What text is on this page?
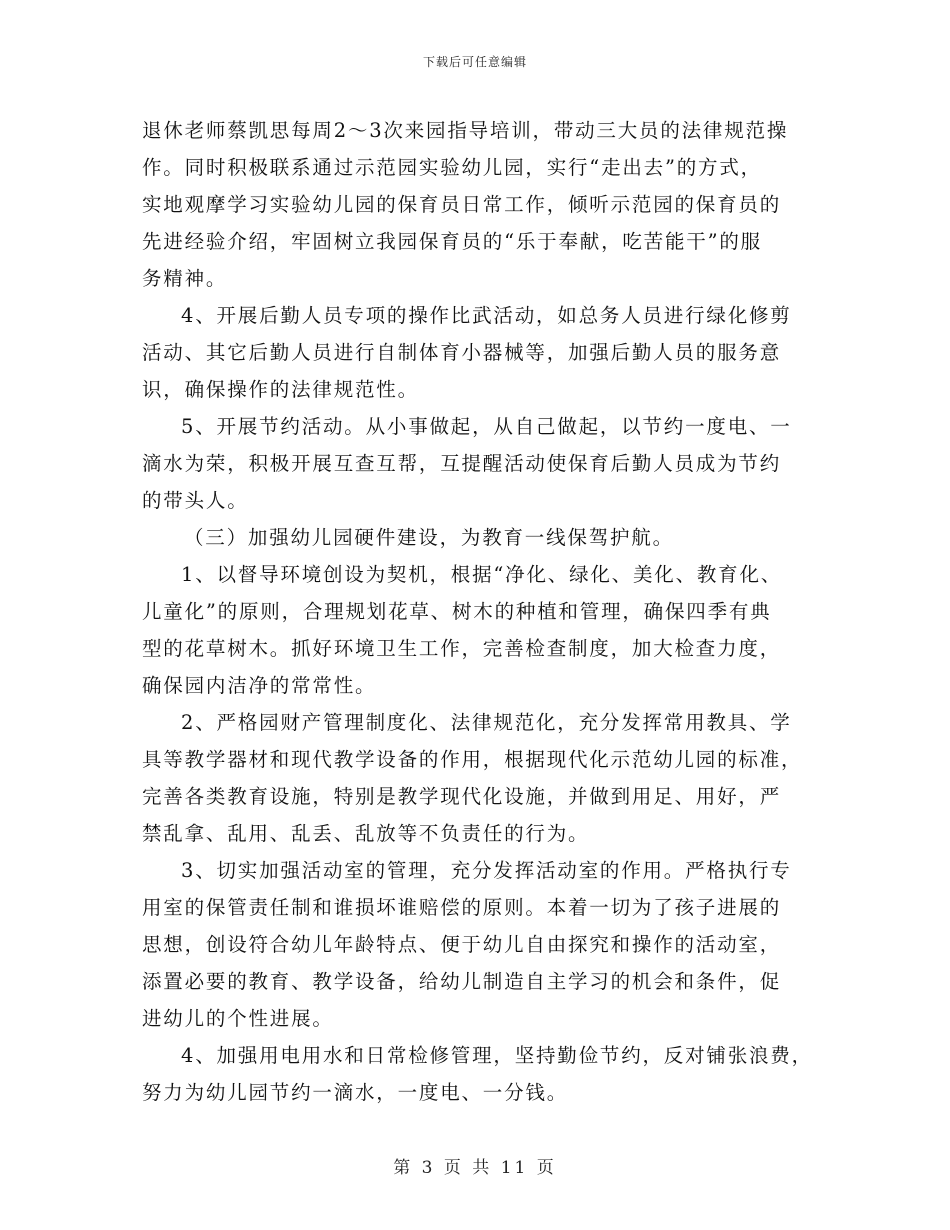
下载后可任意编辑
退休老师蔡凯思每周2～3次来园指导培训，带动三大员的法律规范操
作。同时积极联系通过示范园实验幼儿园，实行“走出去”的方式，
实地观摩学习实验幼儿园的保育员日常工作，倾听示范园的保育员的
先进经验介绍，牢固树立我园保育员的“乐于奉献，吃苦能干”的服
务精神。
4、开展后勤人员专项的操作比武活动，如总务人员进行绿化修剪
活动、其它后勤人员进行自制体育小器械等，加强后勤人员的服务意
识，确保操作的法律规范性。
5、开展节约活动。从小事做起，从自己做起，以节约一度电、一
滴水为荣，积极开展互查互帮，互提醒活动使保育后勤人员成为节约
的带头人。
（三）加强幼儿园硬件建设，为教育一线保驾护航。
1、以督导环境创设为契机，根据“净化、绿化、美化、教育化、
儿童化”的原则，合理规划花草、树木的种植和管理，确保四季有典
型的花草树木。抓好环境卫生工作，完善检查制度，加大检查力度，
确保园内洁净的常常性。
2、严格园财产管理制度化、法律规范化，充分发挥常用教具、学
具等教学器材和现代教学设备的作用，根据现代化示范幼儿园的标准，
完善各类教育设施，特别是教学现代化设施，并做到用足、用好，严
禁乱拿、乱用、乱丢、乱放等不负责任的行为。
3、切实加强活动室的管理，充分发挥活动室的作用。严格执行专
用室的保管责任制和谁损坏谁赔偿的原则。本着一切为了孩子进展的
思想，创设符合幼儿年龄特点、便于幼儿自由探究和操作的活动室，
添置必要的教育、教学设备，给幼儿制造自主学习的机会和条件，促
进幼儿的个性进展。
4、加强用电用水和日常检修管理，坚持勤俭节约，反对铺张浪费，
努力为幼儿园节约一滴水，一度电、一分钱。
第 3 页 共 11 页
